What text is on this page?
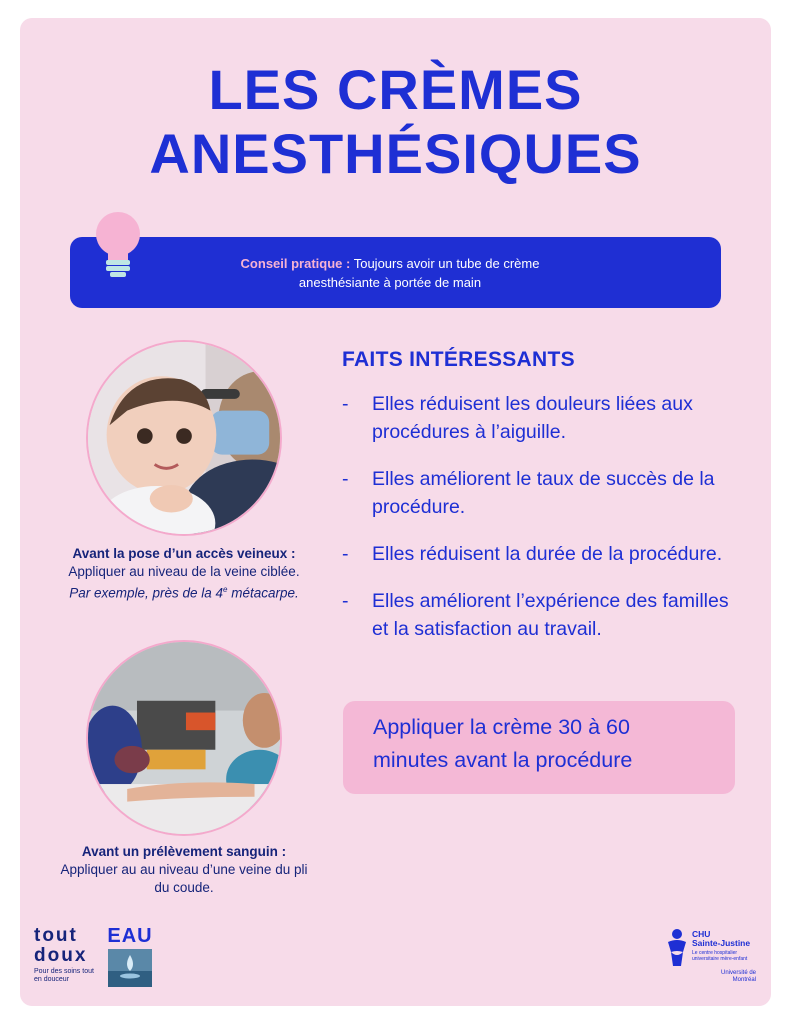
LES CRÈMES
ANESTHÉSIQUES
Conseil pratique : Toujours avoir un tube de crème
anesthésiante à portée de main
Avant la pose d’un accès veineux : Appliquer au niveau de la veine ciblée. Par exemple, près de la 4e métacarpe.
Avant un prélèvement sanguin : Appliquer au au niveau d’une veine du pli du coude.
FAITS INTÉRESSANTS
- Elles réduisent les douleurs liées aux procédures à l’aiguille.
- Elles améliorent le taux de succès de la procédure.
- Elles réduisent la durée de la procédure.
- Elles améliorent l’expérience des familles et la satisfaction au travail.
Appliquer la crème 30 à 60
minutes avant la procédure
tout
doux
Pour des soins tout en douceur
EAU	CHU
Sainte-Justine
Le centre hospitalier universitaire mère-enfant
Université de Montréal
